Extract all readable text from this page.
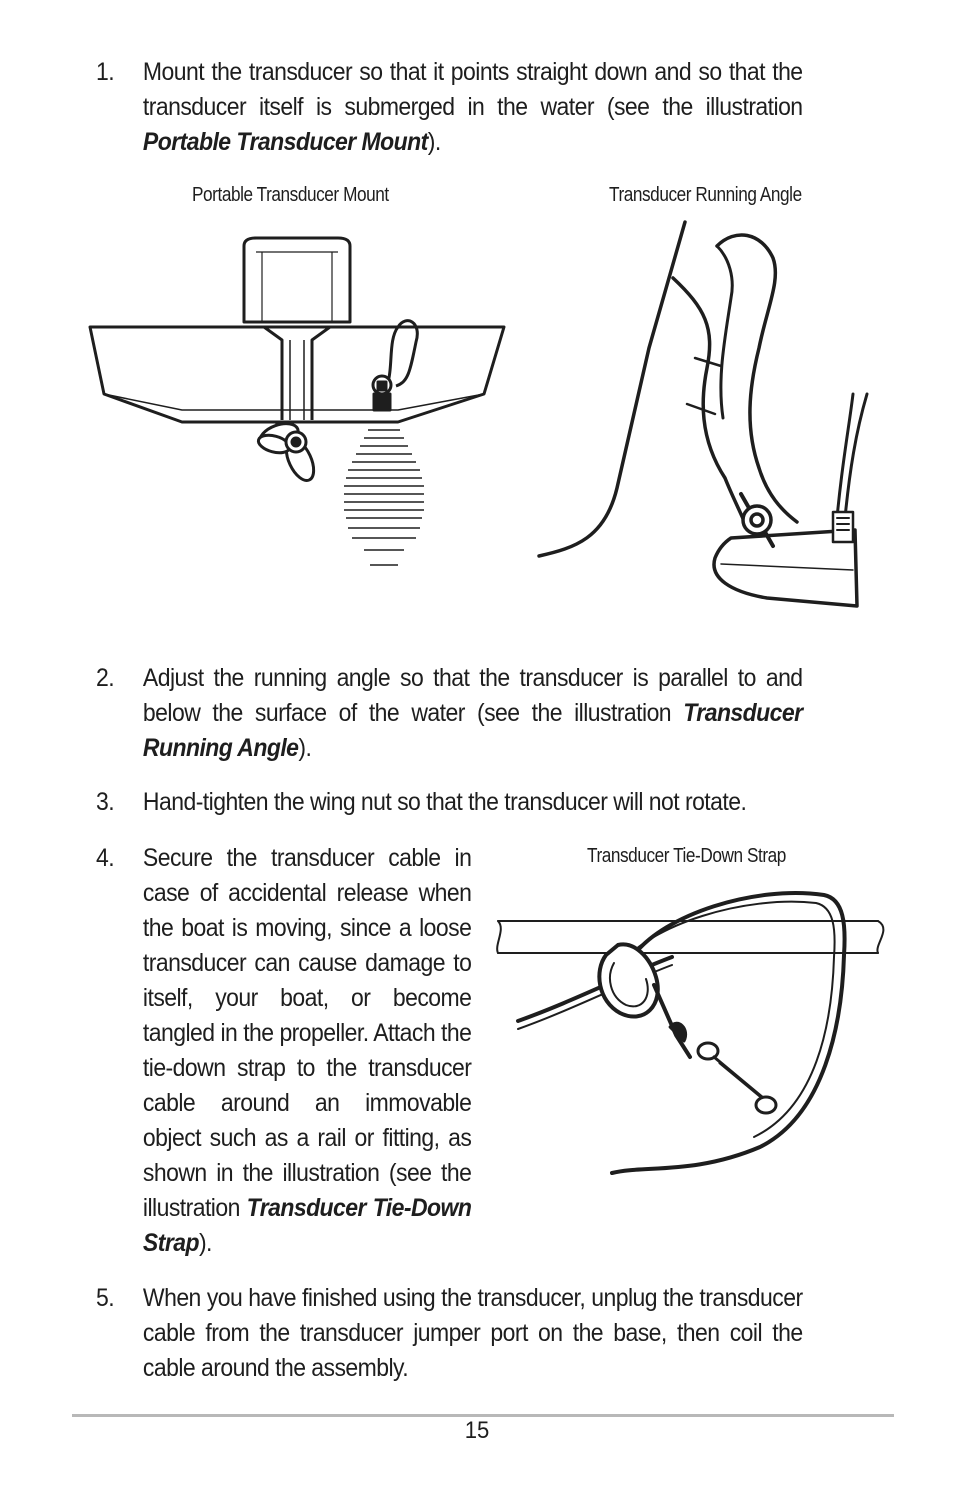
1. Mount the transducer so that it points straight down and so that the transducer itself is submerged in the water (see the illustration Portable Transducer Mount).
Portable Transducer Mount	Transducer Running Angle
2. Adjust the running angle so that the transducer is parallel to and below the surface of the water (see the illustration Transducer Running Angle).
3. Hand-tighten the wing nut so that the transducer will not rotate.
4. Secure the transducer cable in case of accidental release when the boat is moving, since a loose transducer can cause damage to itself, your boat, or become tangled in the propeller. Attach the tie-down strap to the transducer cable around an immovable object such as a rail or fitting, as shown in the illustration (see the illustration Transducer Tie-Down Strap).
Transducer Tie-Down Strap
5. When you have finished using the transducer, unplug the transducer cable from the transducer jumper port on the base, then coil the cable around the assembly.
15
